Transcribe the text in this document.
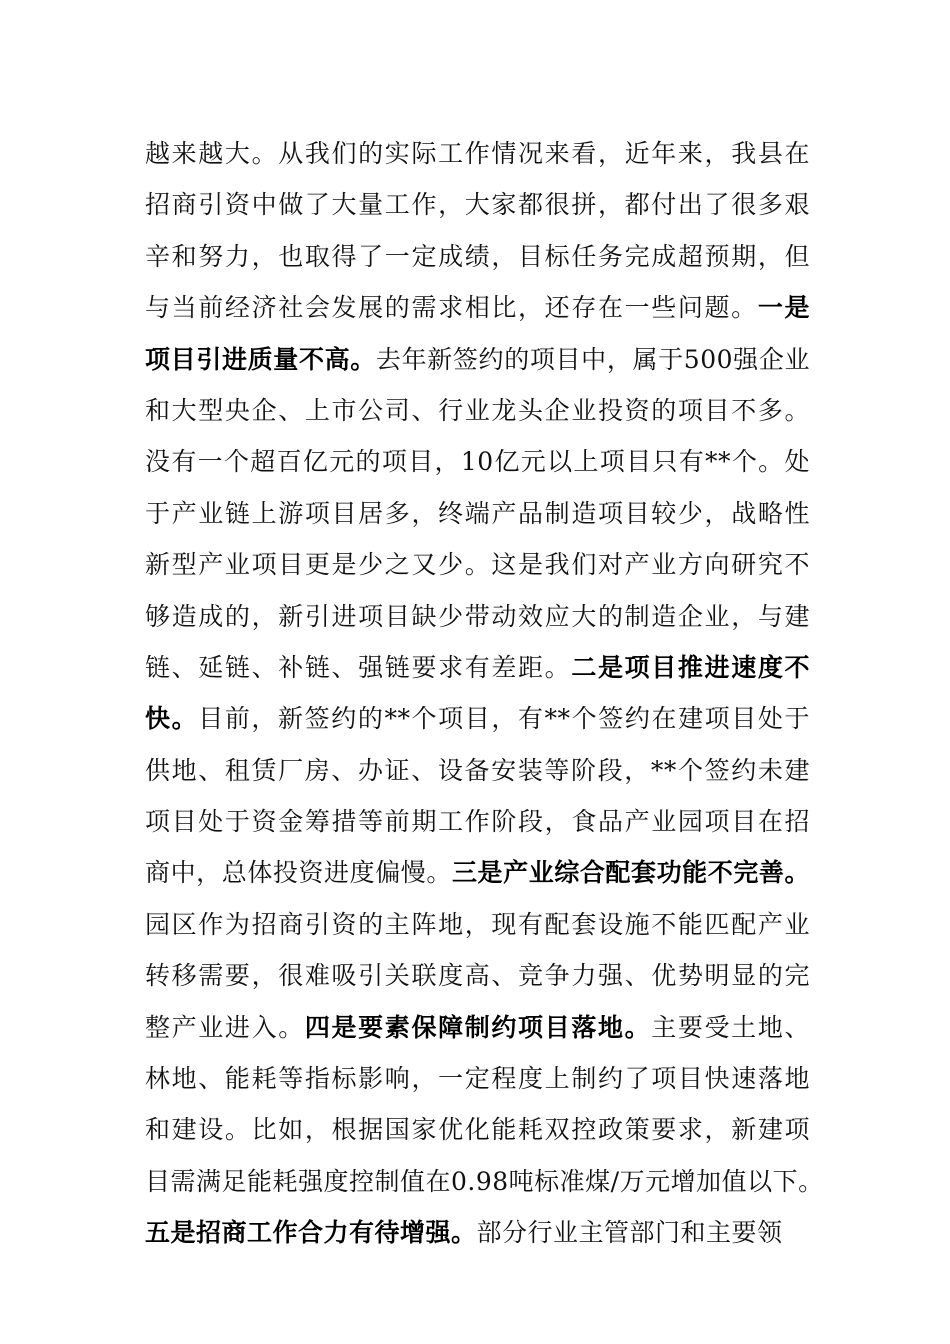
越来越大。从我们的实际工作情况来看，近年来，我县在
招商引资中做了大量工作，大家都很拼，都付出了很多艰
辛和努力，也取得了一定成绩，目标任务完成超预期，但
与当前经济社会发展的需求相比，还存在一些问题。一是
项目引进质量不高。去年新签约的项目中，属于500强企业
和大型央企、上市公司、行业龙头企业投资的项目不多。
没有一个超百亿元的项目，10亿元以上项目只有**个。处
于产业链上游项目居多，终端产品制造项目较少，战略性
新型产业项目更是少之又少。这是我们对产业方向研究不
够造成的，新引进项目缺少带动效应大的制造企业，与建
链、延链、补链、强链要求有差距。二是项目推进速度不
快。目前，新签约的**个项目，有**个签约在建项目处于
供地、租赁厂房、办证、设备安装等阶段，**个签约未建
项目处于资金筹措等前期工作阶段，食品产业园项目在招
商中，总体投资进度偏慢。三是产业综合配套功能不完善。
园区作为招商引资的主阵地，现有配套设施不能匹配产业
转移需要，很难吸引关联度高、竞争力强、优势明显的完
整产业进入。四是要素保障制约项目落地。主要受土地、
林地、能耗等指标影响，一定程度上制约了项目快速落地
和建设。比如，根据国家优化能耗双控政策要求，新建项
目需满足能耗强度控制值在0.98吨标准煤/万元增加值以下。
五是招商工作合力有待增强。部分行业主管部门和主要领
